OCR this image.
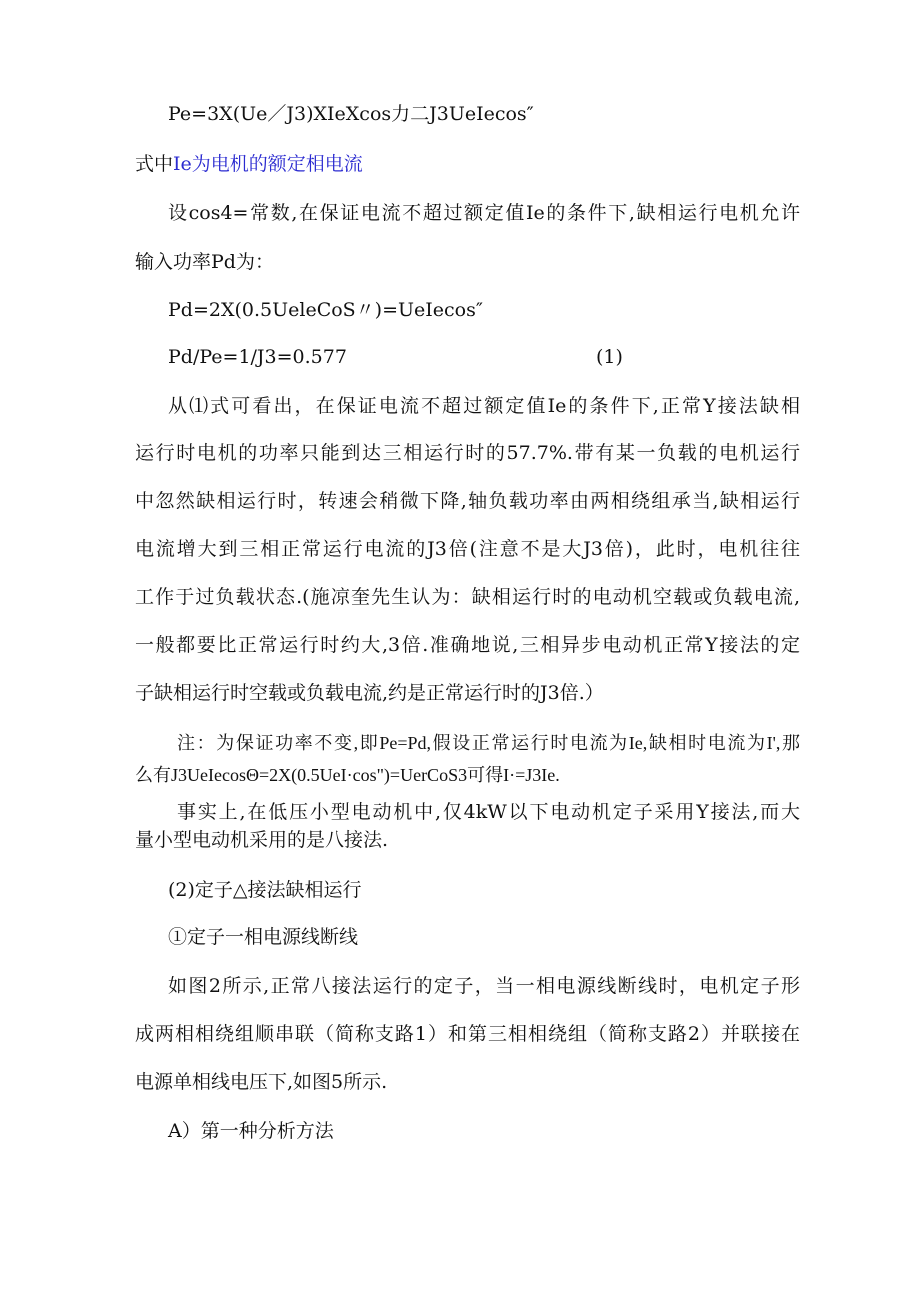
Pe=3X(Ue／J3)XIeXcos力二J3UeIecos″
式中Ie为电机的额定相电流
设cos4=常数,在保证电流不超过额定值Ie的条件下,缺相运行电机允许
输入功率Pd为：
Pd=2X(0.5UeleCoS〃)=UeIecos″
Pd/Pe=1/J3=0.577	(1)
从⑴式可看出，在保证电流不超过额定值Ie的条件下,正常Y接法缺相
运行时电机的功率只能到达三相运行时的57.7%.带有某一负载的电机运行
中忽然缺相运行时，转速会稍微下降,轴负载功率由两相绕组承当,缺相运行
电流增大到三相正常运行电流的J3倍(注意不是大J3倍)，此时，电机往往
工作于过负载状态.(施凉奎先生认为：缺相运行时的电动机空载或负载电流,
一般都要比正常运行时约大,3倍.准确地说,三相异步电动机正常Y接法的定
子缺相运行时空载或负载电流,约是正常运行时的J3倍.）
注：为保证功率不变,即Pe=Pd,假设正常运行时电流为Ie,缺相时电流为I',那
么有J3UeIecosΘ=2X(0.5UeI·cos")=UerCoS3可得I·=J3Ie.
事实上,在低压小型电动机中,仅4kW以下电动机定子采用Y接法,而大
量小型电动机采用的是八接法.
(2)定子△接法缺相运行
①定子一相电源线断线
如图2所示,正常八接法运行的定子，当一相电源线断线时，电机定子形
成两相相绕组顺串联（简称支路1）和第三相相绕组（简称支路2）并联接在
电源单相线电压下,如图5所示.
A）第一种分析方法
